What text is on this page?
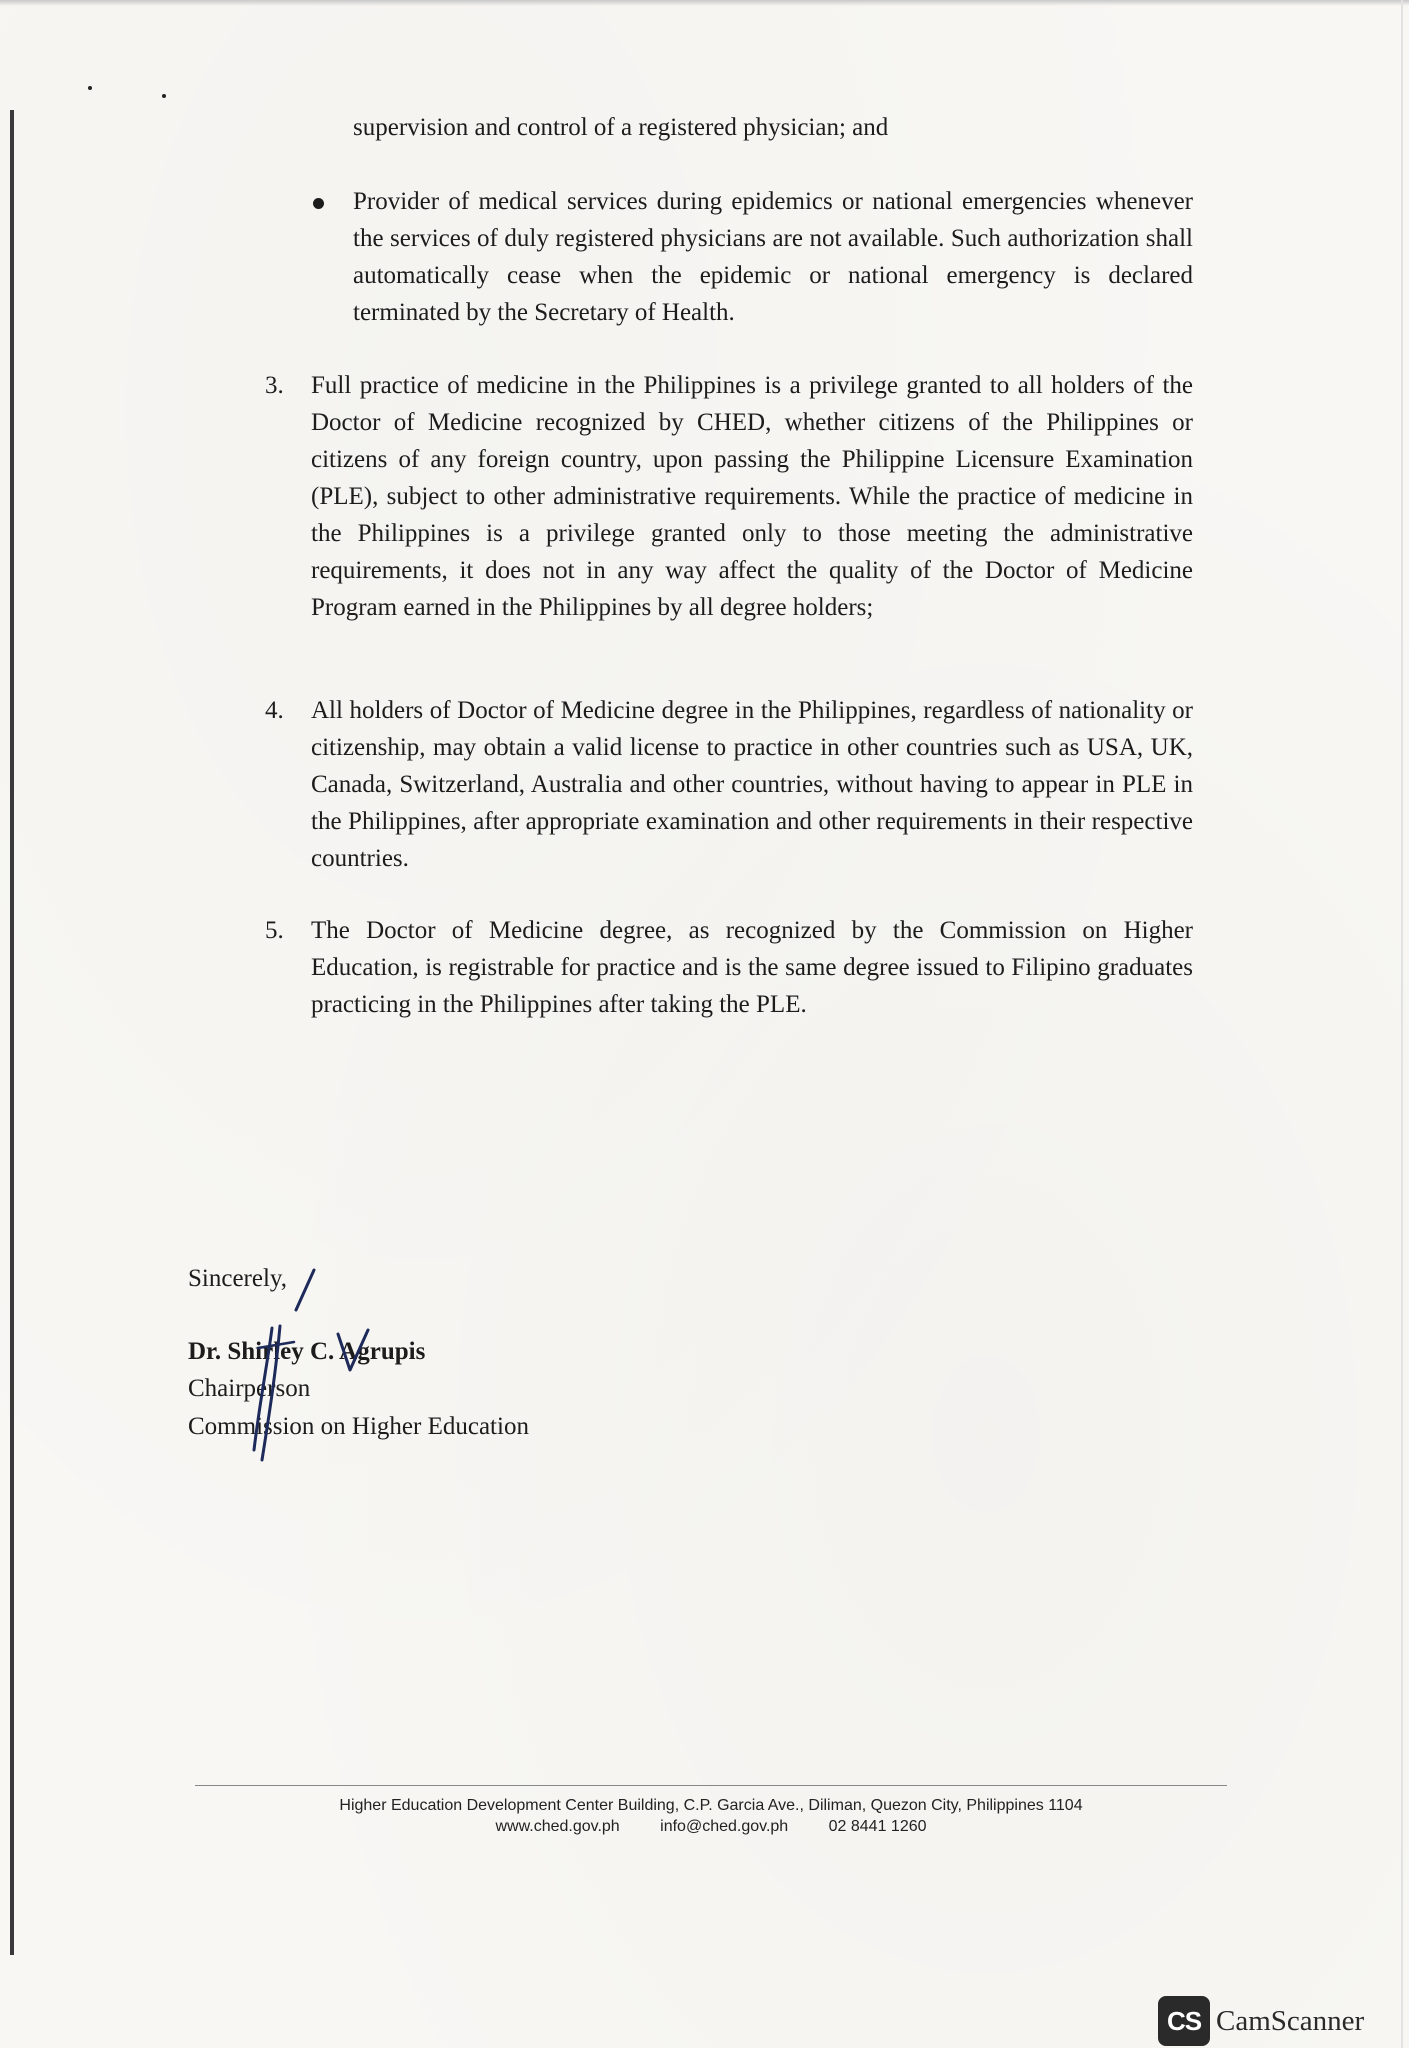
supervision and control of a registered physician; and
Provider of medical services during epidemics or national emergencies whenever the services of duly registered physicians are not available. Such authorization shall automatically cease when the epidemic or national emergency is declared terminated by the Secretary of Health.
3. Full practice of medicine in the Philippines is a privilege granted to all holders of the Doctor of Medicine recognized by CHED, whether citizens of the Philippines or citizens of any foreign country, upon passing the Philippine Licensure Examination (PLE), subject to other administrative requirements. While the practice of medicine in the Philippines is a privilege granted only to those meeting the administrative requirements, it does not in any way affect the quality of the Doctor of Medicine Program earned in the Philippines by all degree holders;
4. All holders of Doctor of Medicine degree in the Philippines, regardless of nationality or citizenship, may obtain a valid license to practice in other countries such as USA, UK, Canada, Switzerland, Australia and other countries, without having to appear in PLE in the Philippines, after appropriate examination and other requirements in their respective countries.
5. The Doctor of Medicine degree, as recognized by the Commission on Higher Education, is registrable for practice and is the same degree issued to Filipino graduates practicing in the Philippines after taking the PLE.
Sincerely,
Dr. Shirley C. Agrupis
Chairperson
Commission on Higher Education
Higher Education Development Center Building, C.P. Garcia Ave., Diliman, Quezon City, Philippines 1104
www.ched.gov.ph	info@ched.gov.ph	02 8441 1260
CS CamScanner
